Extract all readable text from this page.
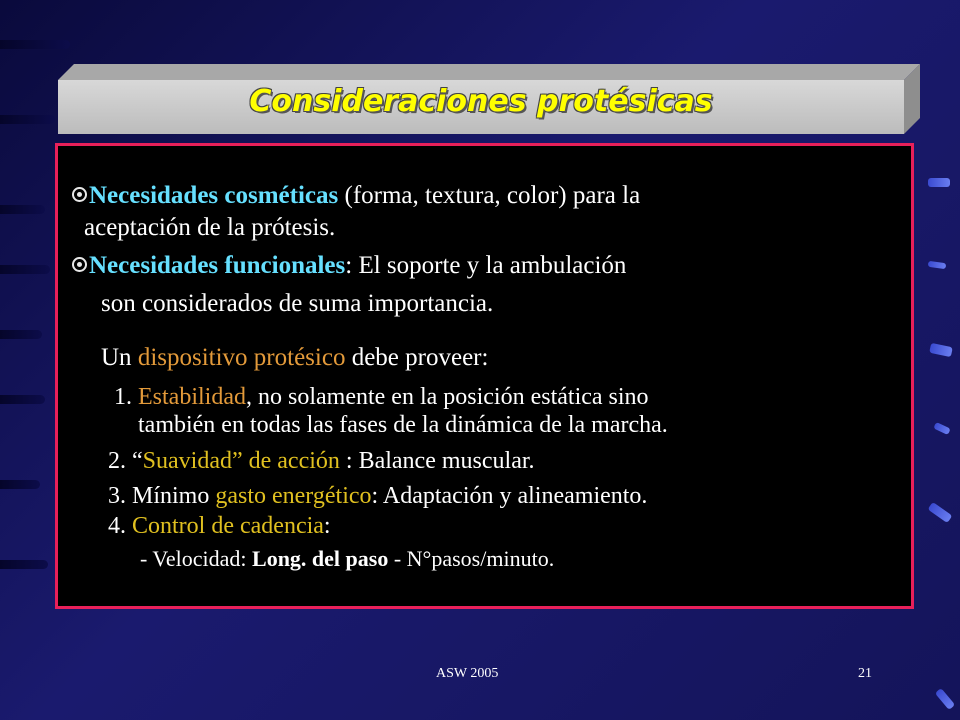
Consideraciones protésicas
Necesidades cosméticas (forma, textura, color) para la
aceptación de la prótesis.
Necesidades funcionales: El soporte y la ambulación
son considerados de suma importancia.
Un dispositivo protésico debe proveer:
1. Estabilidad, no solamente en la posición estática sino
también en todas las fases de la dinámica de la marcha.
2. “Suavidad” de acción : Balance muscular.
3. Mínimo gasto energético: Adaptación y alineamiento.
4. Control de cadencia:
- Velocidad: Long. del paso - N°pasos/minuto.
ASW 2005	21
